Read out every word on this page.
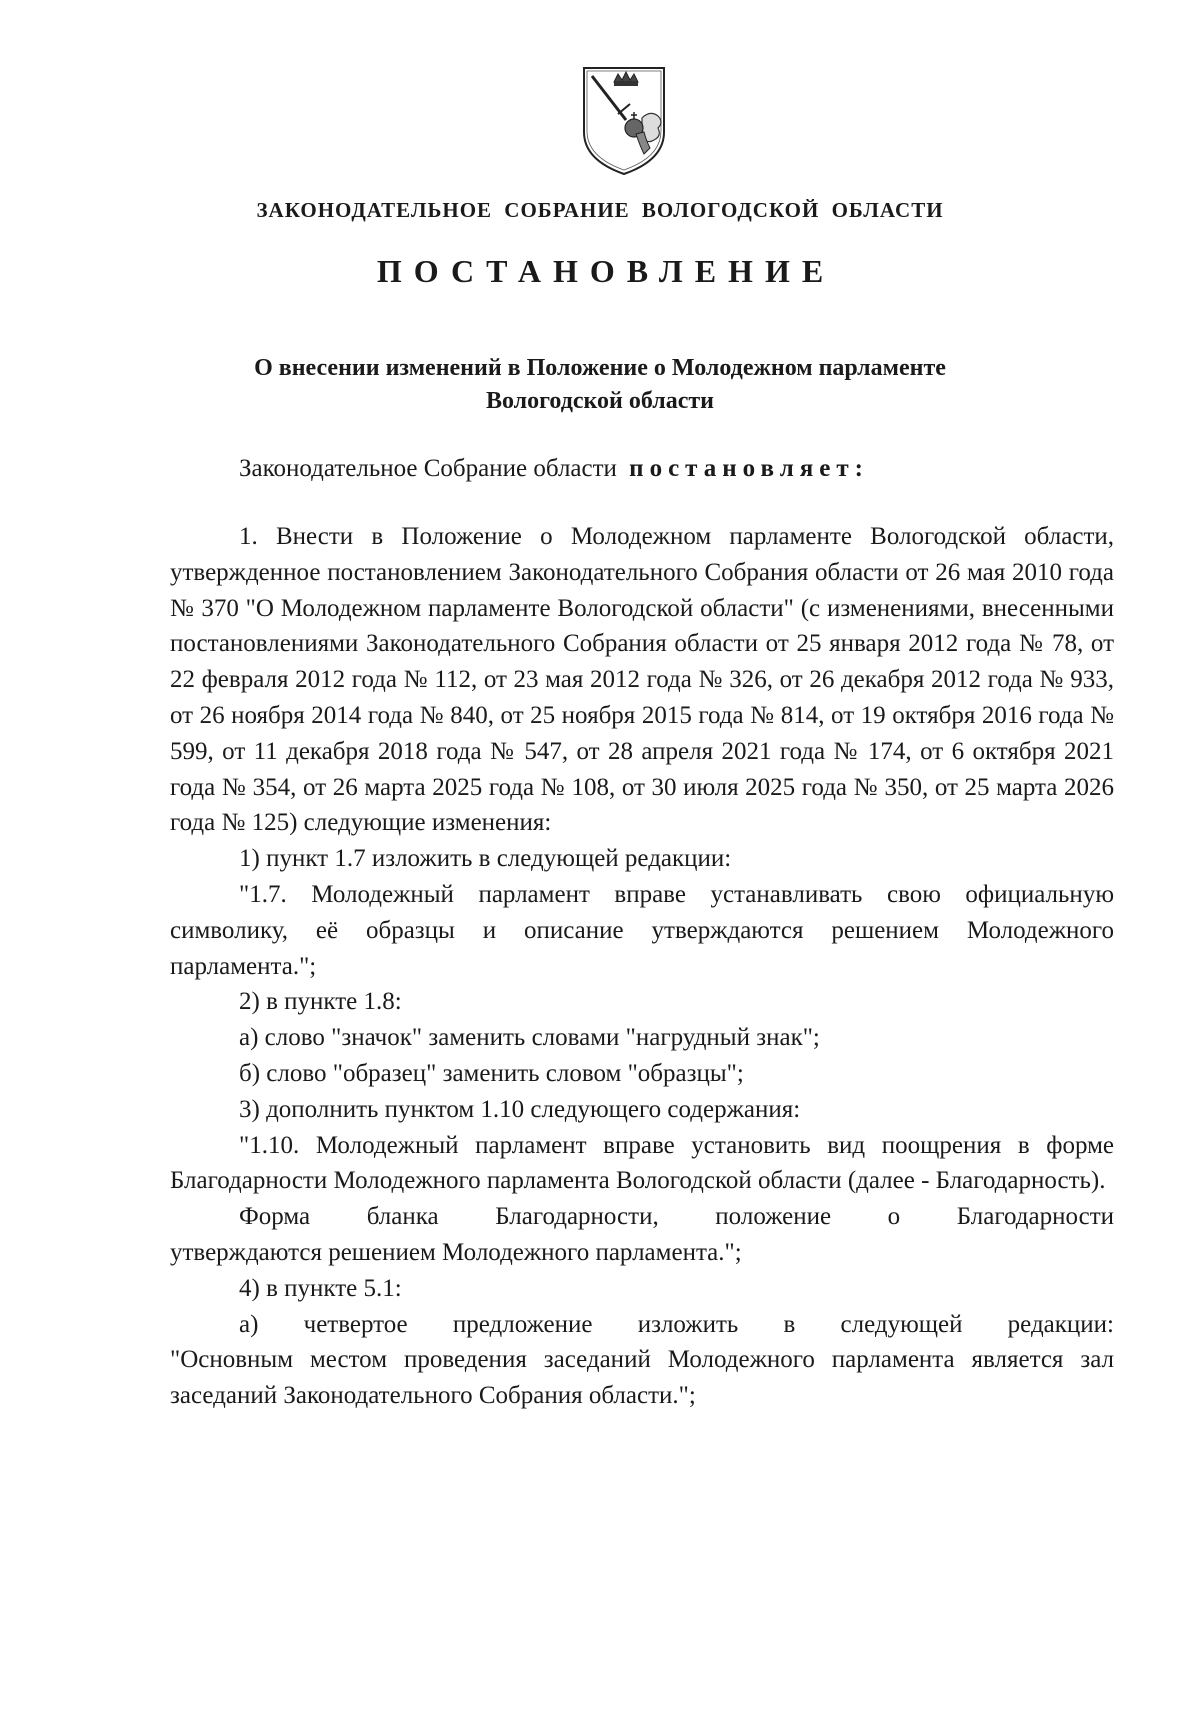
ЗАКОНОДАТЕЛЬНОЕ СОБРАНИЕ ВОЛОГОДСКОЙ ОБЛАСТИ
ПОСТАНОВЛЕНИЕ
О внесении изменений в Положение о Молодежном парламенте
Вологодской области
Законодательное Собрание области постановляет:

1. Внести в Положение о Молодежном парламенте Вологодской области, утвержденное постановлением Законодательного Собрания области от 26 мая 2010 года № 370 "О Молодежном парламенте Вологодской области" (с изменениями, внесенными постановлениями Законодательного Собрания области от 25 января 2012 года № 78, от 22 февраля 2012 года № 112, от 23 мая 2012 года № 326, от 26 декабря 2012 года № 933, от 26 ноября 2014 года № 840, от 25 ноября 2015 года № 814, от 19 октября 2016 года № 599, от 11 декабря 2018 года № 547, от 28 апреля 2021 года № 174, от 6 октября 2021 года № 354, от 26 марта 2025 года № 108, от 30 июля 2025 года № 350, от 25 марта 2026 года № 125) следующие изменения:

1) пункт 1.7 изложить в следующей редакции:

"1.7. Молодежный парламент вправе устанавливать свою официальную символику, её образцы и описание утверждаются решением Молодежного парламента.";

2) в пункте 1.8:

а) слово "значок" заменить словами "нагрудный знак";

б) слово "образец" заменить словом "образцы";

3) дополнить пунктом 1.10 следующего содержания:

"1.10. Молодежный парламент вправе установить вид поощрения в форме Благодарности Молодежного парламента Вологодской области (далее - Благодарность).

Форма бланка Благодарности, положение о Благодарности

утверждаются решением Молодежного парламента.";

4) в пункте 5.1:

а) четвертое предложение изложить в следующей редакции:

"Основным местом проведения заседаний Молодежного парламента является зал заседаний Законодательного Собрания области.";
